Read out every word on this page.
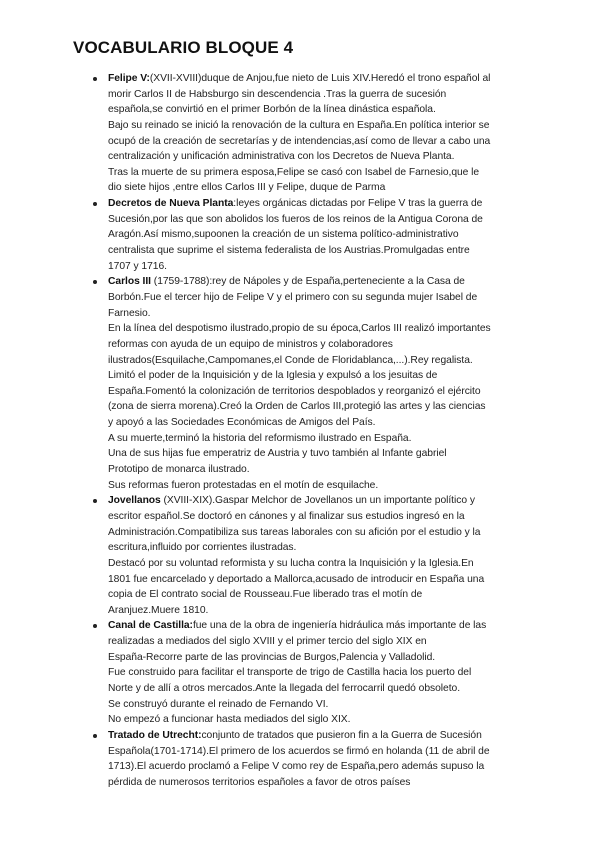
VOCABULARIO BLOQUE 4
Felipe V:(XVII-XVIII)duque de Anjou,fue nieto de Luis XIV.Heredó el trono español al
morir Carlos II de Habsburgo sin descendencia .Tras la guerra de sucesión
española,se convirtió en el primer Borbón de la línea dinástica española.
Bajo su reinado se inició la renovación de la cultura en España.En política interior se
ocupó de la creación de secretarías y de intendencias,así como de llevar a cabo una
centralización y unificación administrativa con los Decretos de Nueva Planta.
Tras la muerte de su primera esposa,Felipe se casó con Isabel de Farnesio,que le
dio siete hijos ,entre ellos Carlos III y Felipe, duque de Parma
Decretos de Nueva Planta:leyes orgánicas dictadas por Felipe V tras la guerra de
Sucesión,por las que son abolidos los fueros de los reinos de la Antigua Corona de
Aragón.Así mismo,supoonen la creación de un sistema político-administrativo
centralista que suprime el sistema federalista de los Austrias.Promulgadas entre
1707 y 1716.
Carlos III (1759-1788):rey de Nápoles y de España,perteneciente a la Casa de
Borbón.Fue el tercer hijo de Felipe V y el primero con su segunda mujer Isabel de
Farnesio.
En la línea del despotismo ilustrado,propio de su época,Carlos III realizó importantes
reformas con ayuda de un equipo de ministros y colaboradores
ilustrados(Esquilache,Campomanes,el Conde de Floridablanca,...).Rey regalista.
Limitó el poder de la Inquisición y de la Iglesia y expulsó a los jesuitas de
España.Fomentó la colonización de territorios despoblados y reorganizó el ejército
(zona de sierra morena).Creó la Orden de Carlos III,protegió las artes y las ciencias
y apoyó a las Sociedades Económicas de Amigos del País.
A su muerte,terminó la historia del reformismo ilustrado en España.
Una de sus hijas fue emperatriz de Austria y tuvo también al Infante gabriel
Prototipo de monarca ilustrado.
Sus reformas fueron protestadas en el motín de esquilache.
Jovellanos (XVIII-XIX).Gaspar Melchor de Jovellanos un un importante político y
escritor español.Se doctoró en cánones y al finalizar sus estudios ingresó en la
Administración.Compatibiliza sus tareas laborales con su afición por el estudio y la
escritura,influido por corrientes ilustradas.
Destacó por su voluntad reformista y su lucha contra la Inquisición y la Iglesia.En
1801 fue encarcelado y deportado a Mallorca,acusado de introducir en España una
copia de El contrato social de Rousseau.Fue liberado tras el motín de
Aranjuez.Muere 1810.
Canal de Castilla:fue una de la obra de ingeniería hidráulica más importante de las
realizadas a mediados del siglo XVIII y el primer tercio del siglo XIX en
España-Recorre parte de las provincias de Burgos,Palencia y Valladolid.
Fue construido para facilitar el transporte de trigo de Castilla hacia los puerto del
Norte y de allí a otros mercados.Ante la llegada del ferrocarril quedó obsoleto.
Se construyó durante el reinado de Fernando VI.
No empezó a funcionar hasta mediados del siglo XIX.
Tratado de Utrecht:conjunto de tratados que pusieron fin a la Guerra de Sucesión
Española(1701-1714).El primero de los acuerdos se firmó en holanda (11 de abril de
1713).El acuerdo proclamó a Felipe V como rey de España,pero además supuso la
pérdida de numerosos territorios españoles a favor de otros países
